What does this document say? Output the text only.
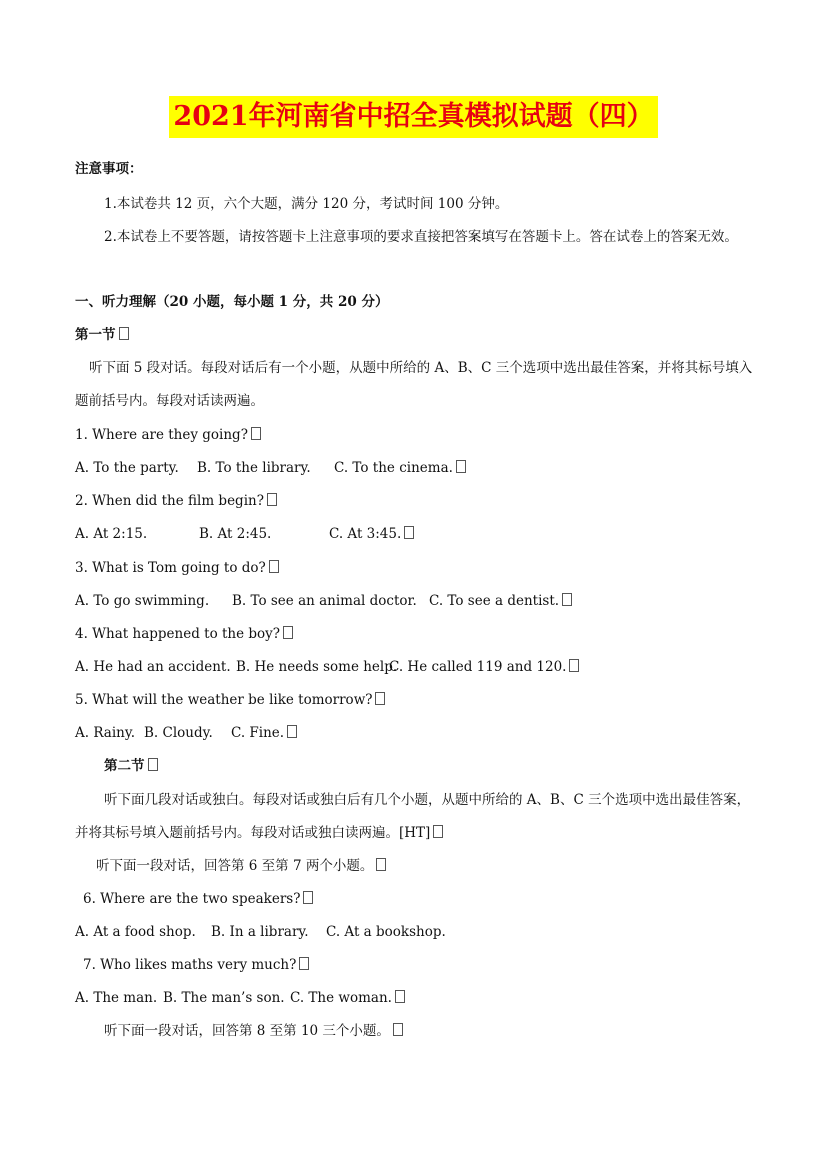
2021年河南省中招全真模拟试题（四）
注意事项：
1.本试卷共 12 页，六个大题，满分 120 分，考试时间 100 分钟。
2.本试卷上不要答题，请按答题卡上注意事项的要求直接把答案填写在答题卡上。答在试卷上的答案无效。
一、听力理解（20 小题，每小题 1 分，共 20 分）
第一节
听下面 5 段对话。每段对话后有一个小题，从题中所给的 A、B、C 三个选项中选出最佳答案，并将其标号填入题前括号内。每段对话读两遍。
1. Where are they going?
A. To the party. B. To the library. C. To the cinema.
2. When did the film begin?
A. At 2:15.	B. At 2:45.	C. At 3:45.
3. What is Tom going to do?
A. To go swimming. B. To see an animal doctor. C. To see a dentist.
4. What happened to the boy?
A. He had an accident. B. He needs some help.C. He called 119 and 120.
5. What will the weather be like tomorrow?
A. Rainy. B. Cloudy. C. Fine.
第二节
听下面几段对话或独白。每段对话或独白后有几个小题，从题中所给的 A、B、C 三个选项中选出最佳答案，并将其标号填入题前括号内。每段对话或独白读两遍。[HT]
听下面一段对话，回答第 6 至第 7 两个小题。
6. Where are the two speakers?
A. At a food shop. B. In a library. C. At a bookshop.
7. Who likes maths very much?
A. The man. B. The man’s son. C. The woman.
听下面一段对话，回答第 8 至第 10 三个小题。
